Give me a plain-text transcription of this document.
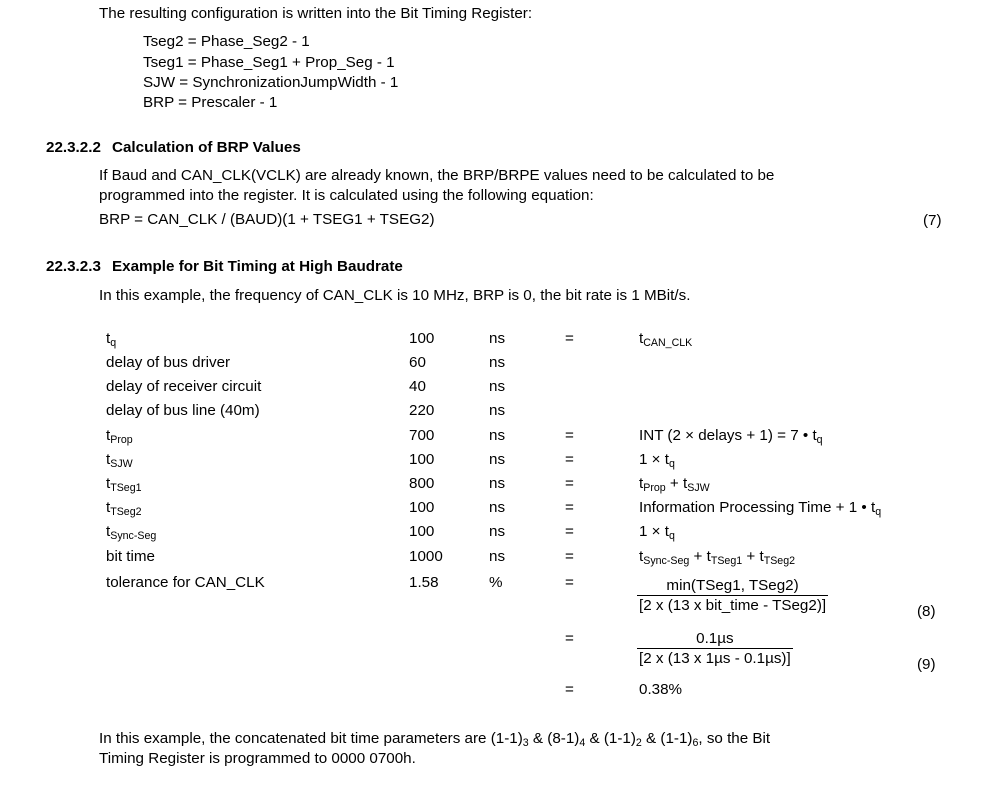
The resulting configuration is written into the Bit Timing Register:
Tseg2 = Phase_Seg2 - 1
Tseg1 = Phase_Seg1 + Prop_Seg - 1
SJW = SynchronizationJumpWidth - 1
BRP = Prescaler - 1
22.3.2.2 Calculation of BRP Values
If Baud and CAN_CLK(VCLK) are already known, the BRP/BRPE values need to be calculated to be
programmed into the register. It is calculated using the following equation:
BRP = CAN_CLK / (BAUD)(1 + TSEG1 + TSEG2)	(7)
22.3.2.3 Example for Bit Timing at High Baudrate
In this example, the frequency of CAN_CLK is 10 MHz, BRP is 0, the bit rate is 1 MBit/s.
$t_q$	100	ns	=	$t_{CAN\_CLK}$
delay of bus driver	60	ns
delay of receiver circuit	40	ns
delay of bus line (40m)	220	ns
$t_{Prop}$	700	ns	=	INT (2 × delays + 1) = 7 • $t_q$
$t_{SJW}$	100	ns	=	$1 \times t_q$
$t_{TSeg1}$	800	ns	=	$t_{Prop} + t_{SJW}$
$t_{TSeg2}$	100	ns	=	Information Processing Time + 1 • $t_q$
$t_{Sync-Seg}$	100	ns	=	$1 \times t_q$
bit time	1000	ns	=	$t_{Sync-Seg} + t_{TSeg1} + t_{TSeg2}$
tolerance for CAN_CLK	1.58	%	=	min(TSeg1, TSeg2)
[2 x (13 x bit_time - TSeg2)]	(8)
=	0.1µs
[2 x (13 x 1µs - 0.1µs)]	(9)
=	0.38%
In this example, the concatenated bit time parameters are $(1-1)_3$ & $(8-1)_4$ & $(1-1)_2$ & $(1-1)_6$, so the Bit
Timing Register is programmed to 0000 0700h.
